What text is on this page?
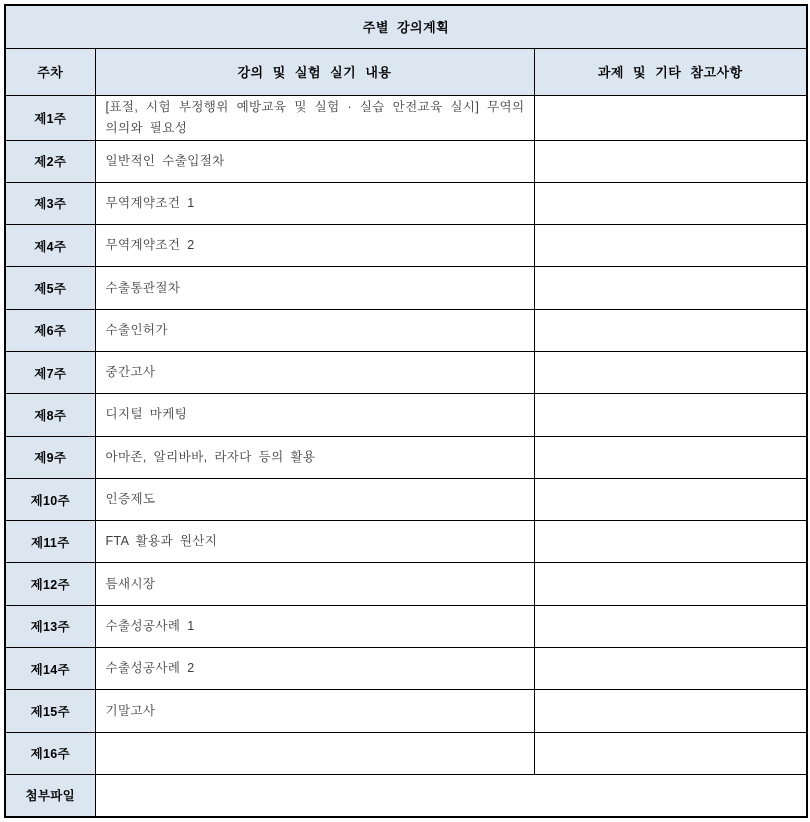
주별 강의계획		
주차	강의 및 실험 실기 내용	과제 및 기타 참고사항
제1주	[표절, 시험 부정행위 예방교육 및 실험 · 실습 안전교육 실시] 무역의 의의와 필요성	
제2주	일반적인 수출입절차	
제3주	무역계약조건 1	
제4주	무역계약조건 2	
제5주	수출통관절차	
제6주	수출인허가	
제7주	중간고사	
제8주	디지털 마케팅	
제9주	아마존, 알리바바, 라자다 등의 활용	
제10주	인증제도	
제11주	FTA 활용과 원산지	
제12주	틈새시장	
제13주	수출성공사례 1	
제14주	수출성공사례 2	
제15주	기말고사	
제16주		
첨부파일		
